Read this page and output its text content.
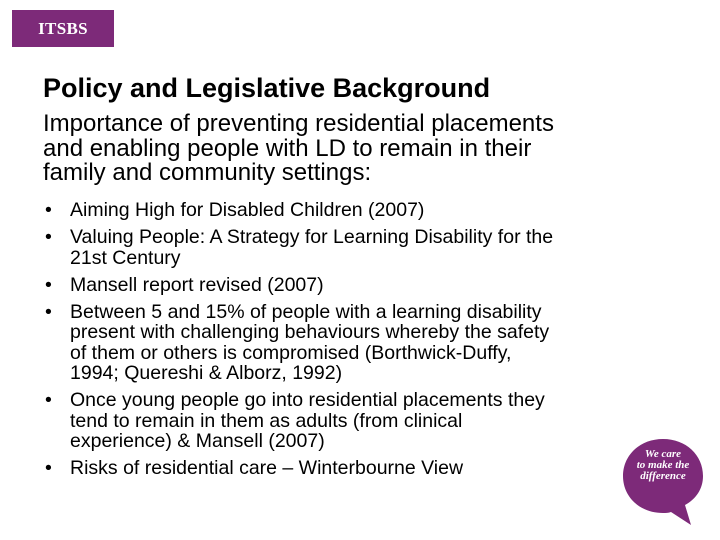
ITSBS
Policy and Legislative Background

Importance of preventing residential placements
and enabling people with LD to remain in their
family and community settings:

• Aiming High for Disabled Children (2007)
• Valuing People: A Strategy for Learning Disability for the
21st Century
• Mansell report revised (2007)
• Between 5 and 15% of people with a learning disability
present with challenging behaviours whereby the safety
of them or others is compromised (Borthwick-Duffy,
1994; Quereshi & Alborz, 1992)
• Once young people go into residential placements they
tend to remain in them as adults (from clinical
experience) & Mansell (2007)
• Risks of residential care – Winterbourne View
We care
to make the
difference
